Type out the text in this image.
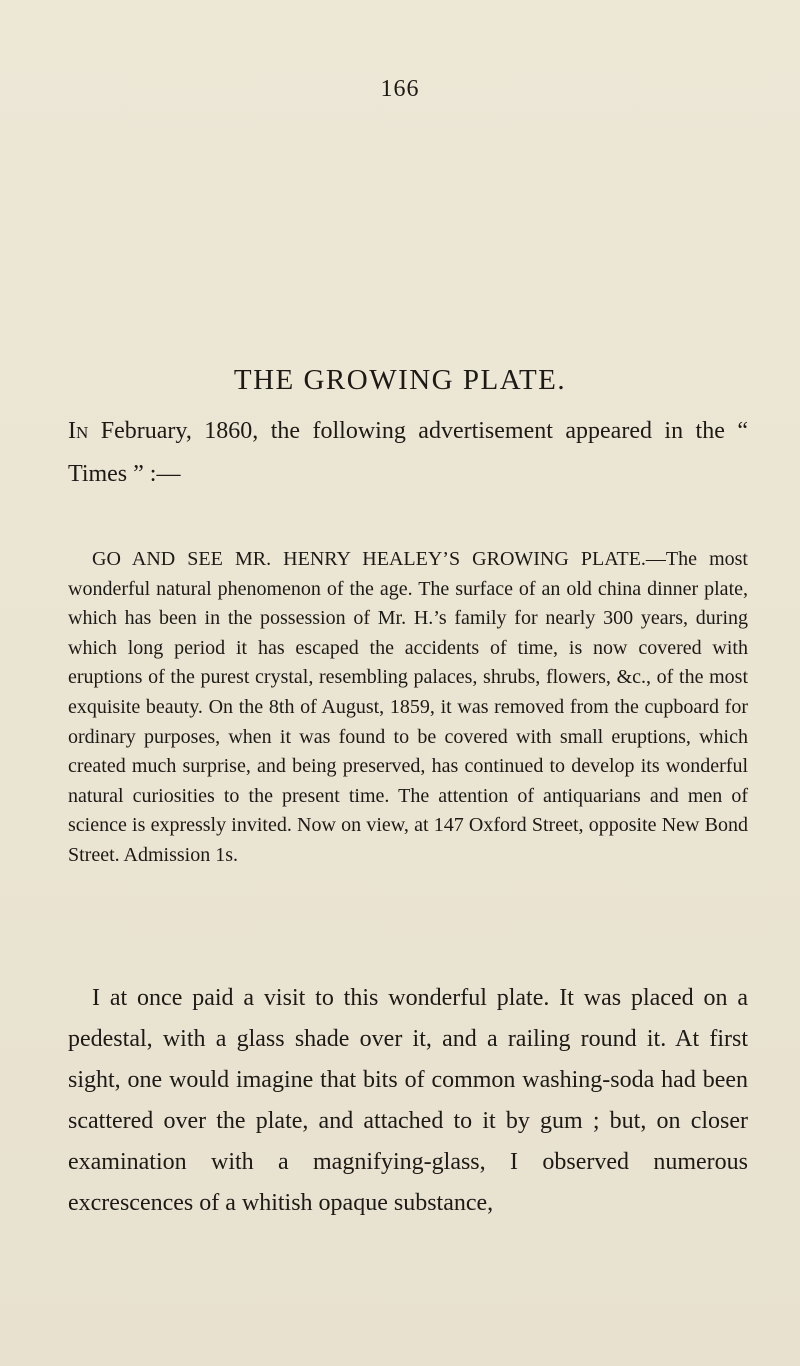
166
THE GROWING PLATE.

In February, 1860, the following advertisement appeared in the “ Times ” :—

GO AND SEE MR. HENRY HEALEY’S GROWING PLATE.—The most wonderful natural phenomenon of the age. The surface of an old china dinner plate, which has been in the possession of Mr. H.’s family for nearly 300 years, during which long period it has escaped the accidents of time, is now covered with eruptions of the purest crystal, resembling palaces, shrubs, flowers, &c., of the most exquisite beauty. On the 8th of August, 1859, it was removed from the cupboard for ordinary purposes, when it was found to be covered with small eruptions, which created much surprise, and being preserved, has continued to develop its wonderful natural curiosities to the present time. The attention of antiquarians and men of science is expressly invited. Now on view, at 147 Oxford Street, opposite New Bond Street. Admission 1s.

I at once paid a visit to this wonderful plate. It was placed on a pedestal, with a glass shade over it, and a railing round it. At first sight, one would imagine that bits of common washing-soda had been scattered over the plate, and attached to it by gum ; but, on closer examination with a magnifying-glass, I observed numerous excrescences of a whitish opaque substance,
